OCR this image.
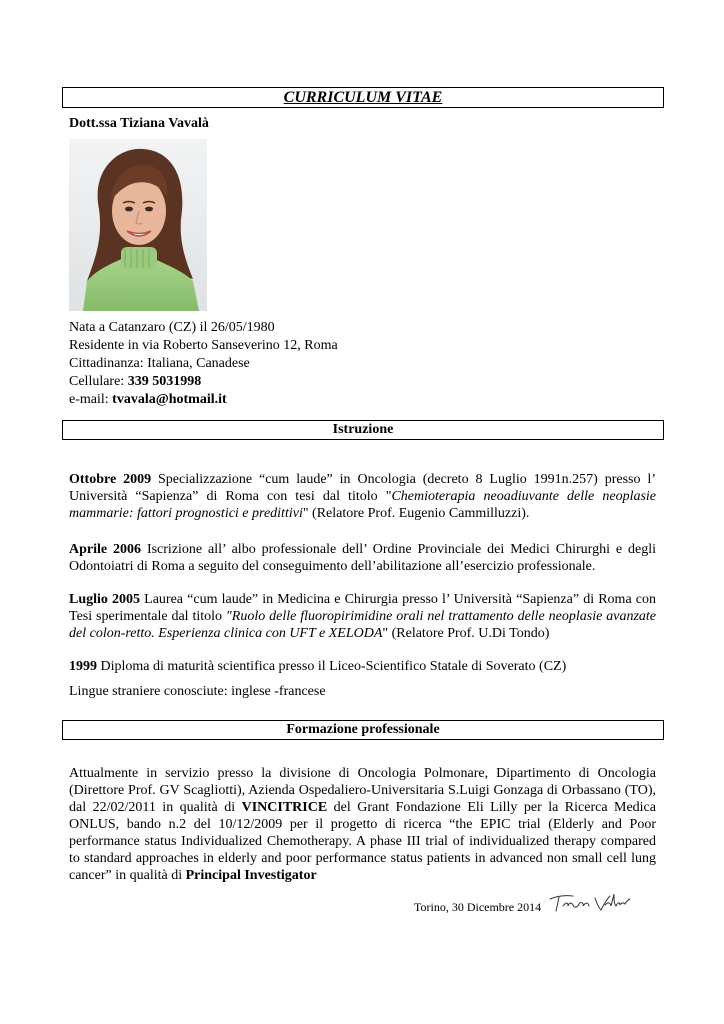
CURRICULUM VITAE
Dott.ssa Tiziana Vavalà
Nata a Catanzaro (CZ) il 26/05/1980
Residente in via Roberto Sanseverino 12, Roma
Cittadinanza: Italiana, Canadese
Cellulare: 339 5031998
e-mail: tvavala@hotmail.it
Istruzione
Ottobre 2009 Specializzazione “cum laude” in Oncologia (decreto 8 Luglio 1991n.257) presso l’ Università “Sapienza” di Roma con tesi dal titolo "Chemioterapia neoadiuvante delle neoplasie mammarie: fattori prognostici e predittivi" (Relatore Prof. Eugenio Cammilluzzi).
Aprile 2006 Iscrizione all’ albo professionale dell’ Ordine Provinciale dei Medici Chirurghi e degli Odontoiatri di Roma a seguito del conseguimento dell’abilitazione all’esercizio professionale.
Luglio 2005 Laurea “cum laude” in Medicina e Chirurgia presso l’ Università “Sapienza” di Roma con Tesi sperimentale dal titolo "Ruolo delle fluoropirimidine orali nel trattamento delle neoplasie avanzate del colon-retto. Esperienza clinica con UFT e XELODA" (Relatore Prof. U.Di Tondo)
1999 Diploma di maturità scientifica presso il Liceo-Scientifico Statale di Soverato (CZ)
Lingue straniere conosciute: inglese -francese
Formazione professionale
Attualmente in servizio presso la divisione di Oncologia Polmonare, Dipartimento di Oncologia (Direttore Prof. GV Scagliotti), Azienda Ospedaliero-Universitaria S.Luigi Gonzaga di Orbassano (TO), dal 22/02/2011 in qualità di VINCITRICE del Grant Fondazione Eli Lilly per la Ricerca Medica ONLUS, bando n.2 del 10/12/2009 per il progetto di ricerca “the EPIC trial (Elderly and Poor performance status Individualized Chemotherapy. A phase III trial of individualized therapy compared to standard approaches in elderly and poor performance status patients in advanced non small cell lung cancer” in qualità di Principal Investigator
Torino, 30 Dicembre 2014
